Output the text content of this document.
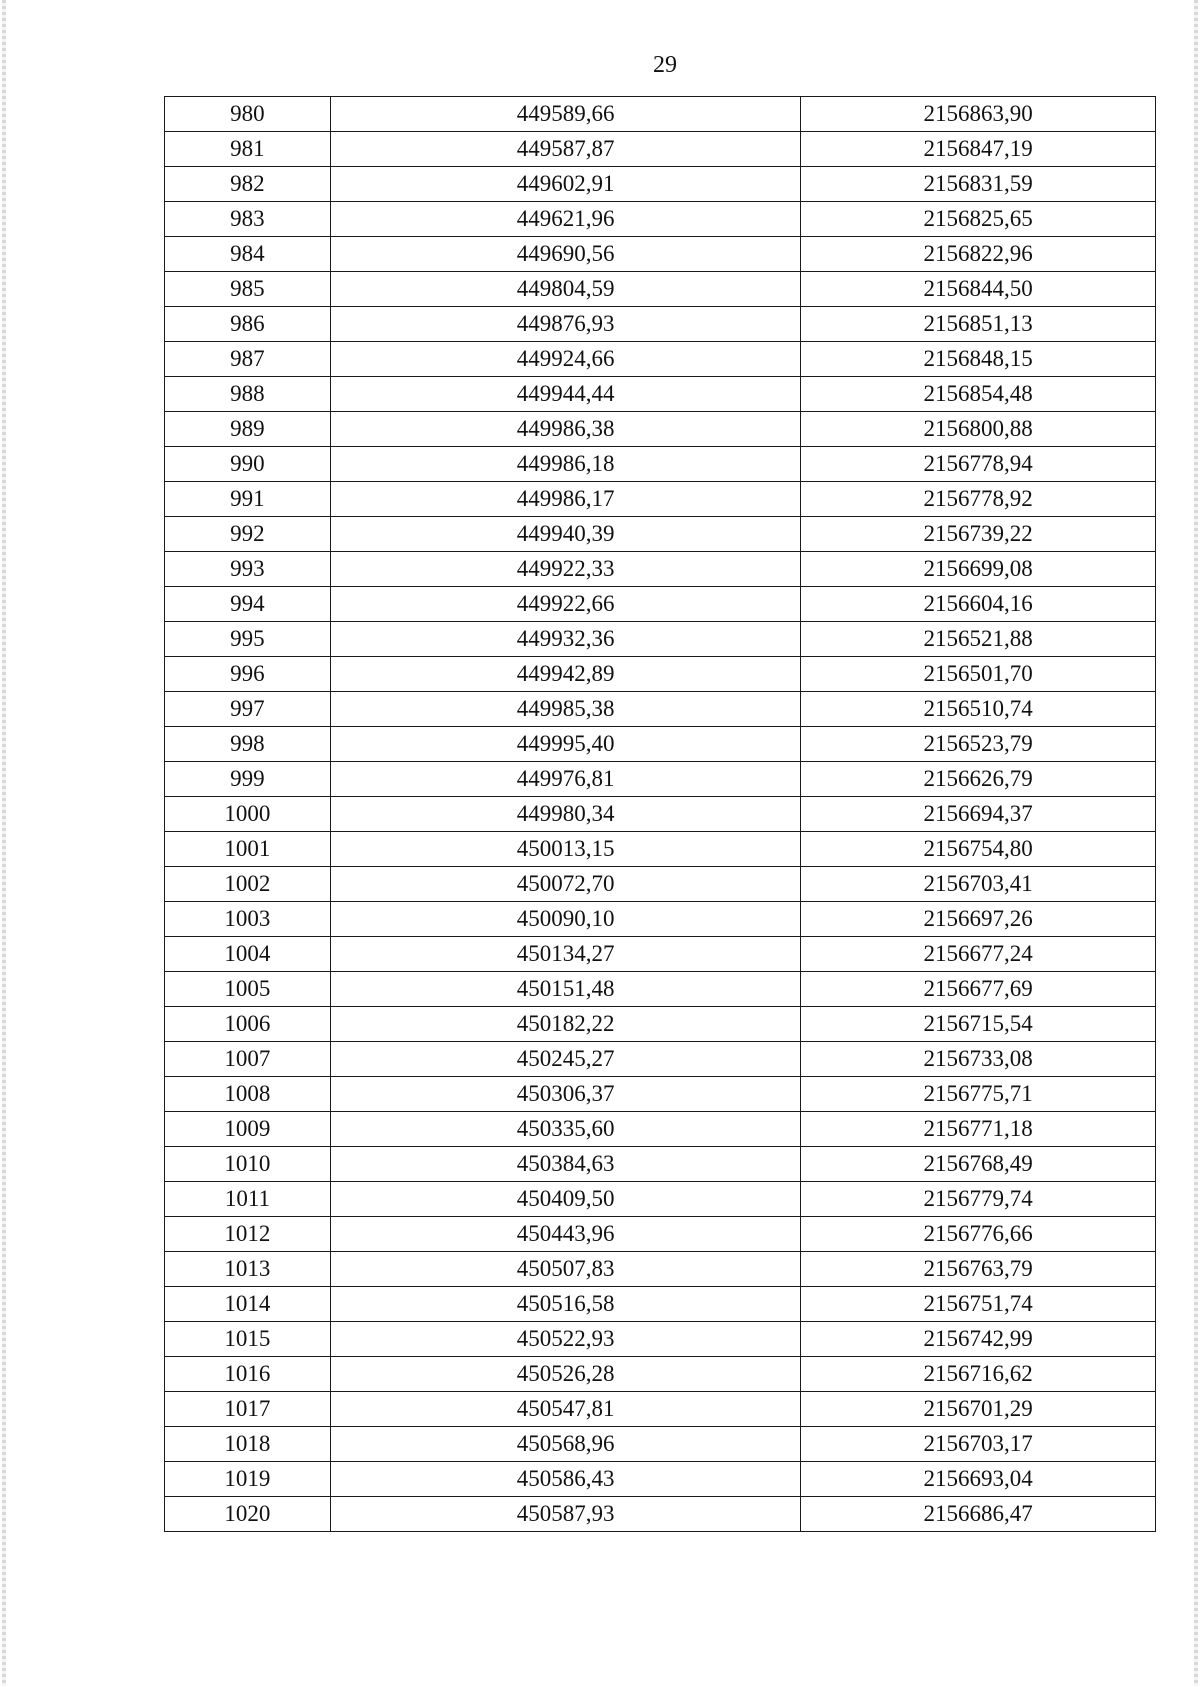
29
980	449589,66	2156863,90
981	449587,87	2156847,19
982	449602,91	2156831,59
983	449621,96	2156825,65
984	449690,56	2156822,96
985	449804,59	2156844,50
986	449876,93	2156851,13
987	449924,66	2156848,15
988	449944,44	2156854,48
989	449986,38	2156800,88
990	449986,18	2156778,94
991	449986,17	2156778,92
992	449940,39	2156739,22
993	449922,33	2156699,08
994	449922,66	2156604,16
995	449932,36	2156521,88
996	449942,89	2156501,70
997	449985,38	2156510,74
998	449995,40	2156523,79
999	449976,81	2156626,79
1000	449980,34	2156694,37
1001	450013,15	2156754,80
1002	450072,70	2156703,41
1003	450090,10	2156697,26
1004	450134,27	2156677,24
1005	450151,48	2156677,69
1006	450182,22	2156715,54
1007	450245,27	2156733,08
1008	450306,37	2156775,71
1009	450335,60	2156771,18
1010	450384,63	2156768,49
1011	450409,50	2156779,74
1012	450443,96	2156776,66
1013	450507,83	2156763,79
1014	450516,58	2156751,74
1015	450522,93	2156742,99
1016	450526,28	2156716,62
1017	450547,81	2156701,29
1018	450568,96	2156703,17
1019	450586,43	2156693,04
1020	450587,93	2156686,47
